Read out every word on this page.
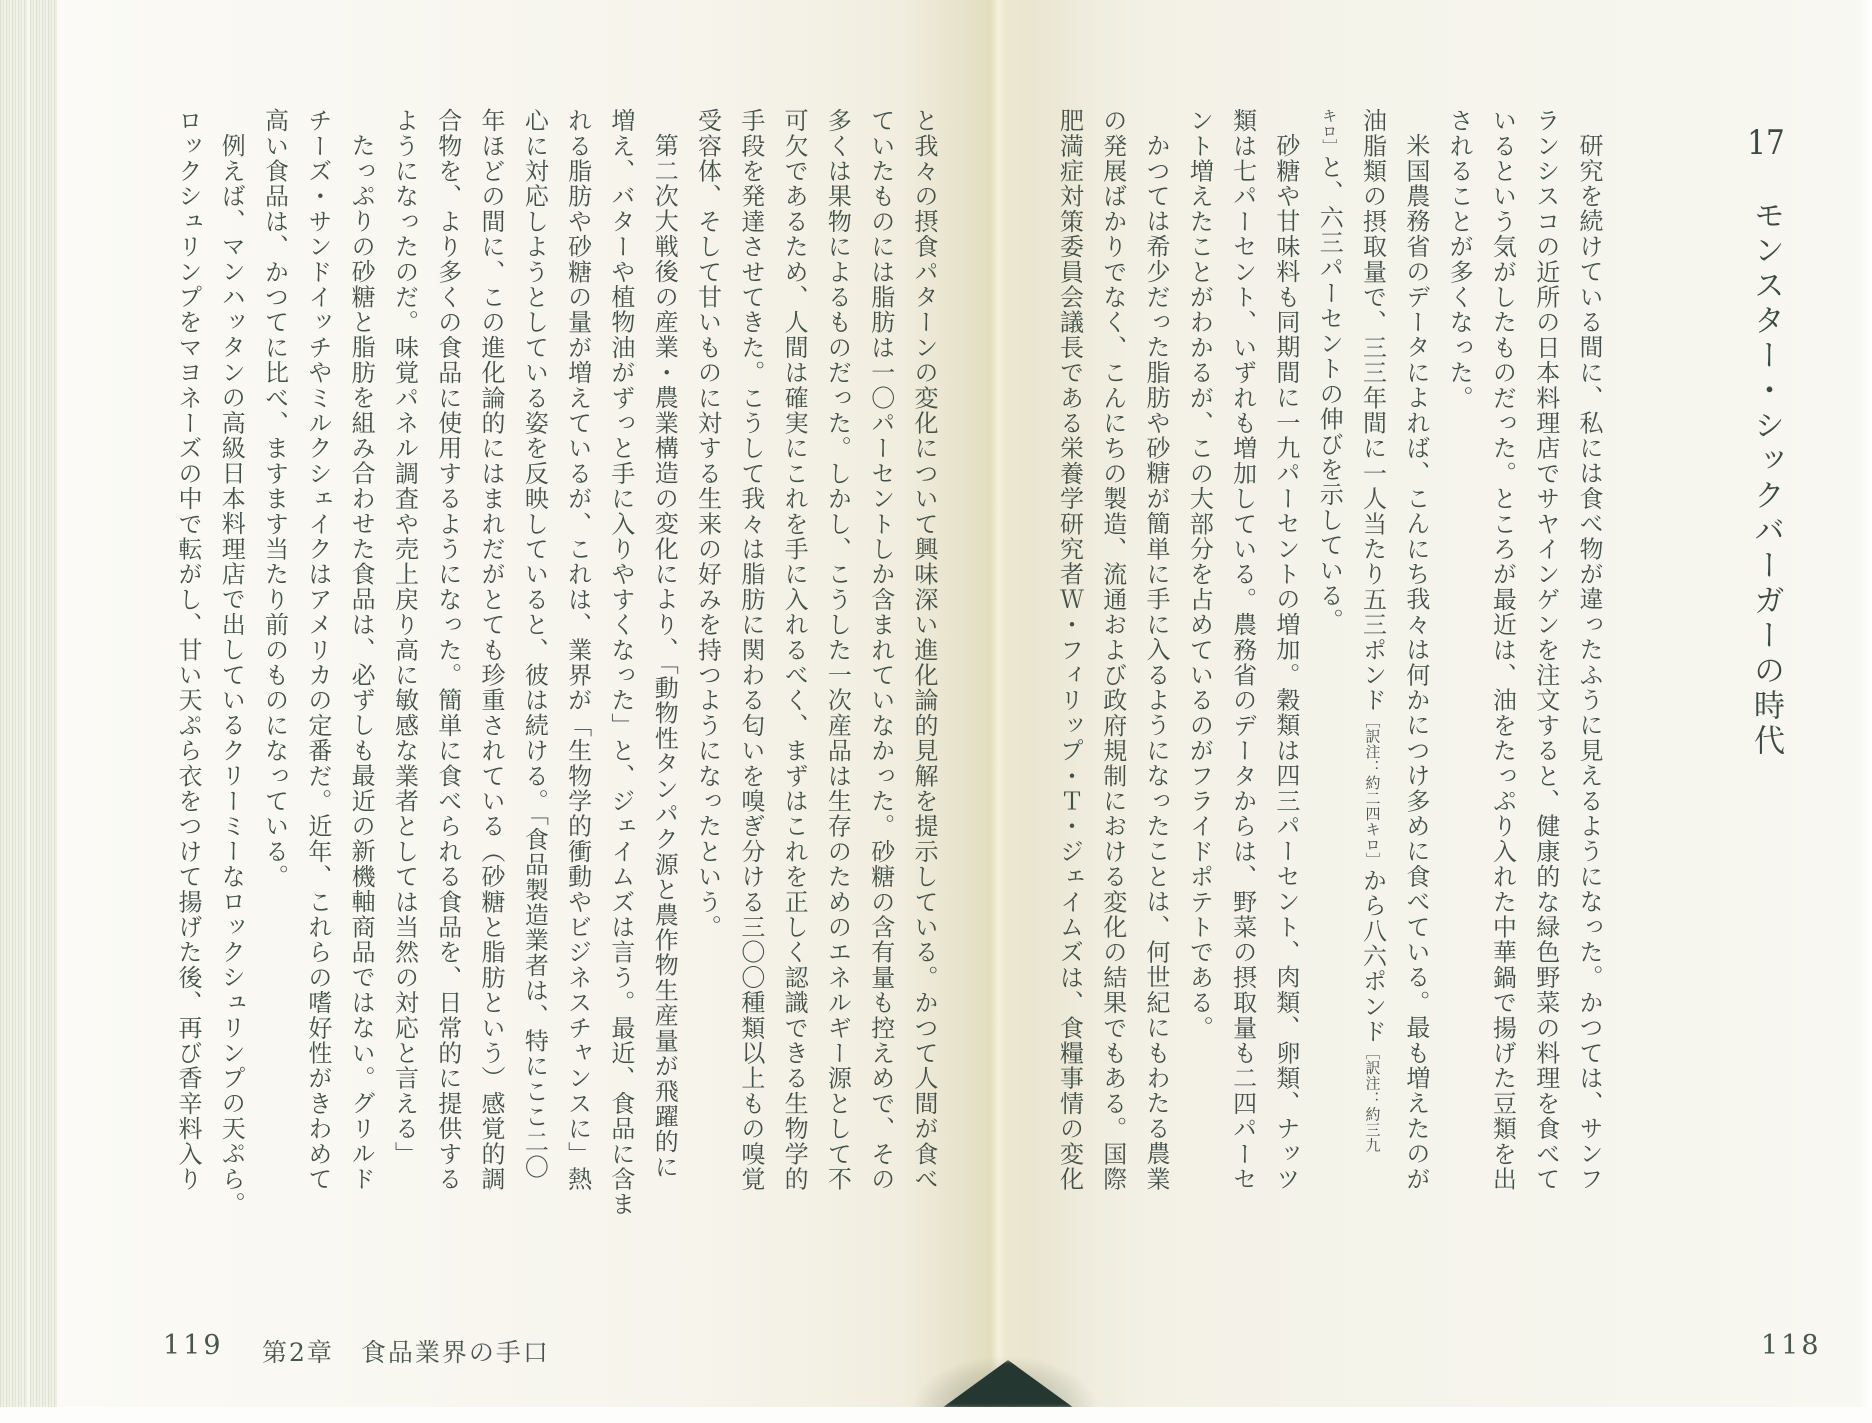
17 モンスター・シックバーガーの時代
研究を続けている間に、私には食べ物が違ったふうに見えるようになった。かつては、サンフ
ランシスコの近所の日本料理店でサヤインゲンを注文すると、健康的な緑色野菜の料理を食べて
いるという気がしたものだった。ところが最近は、油をたっぷり入れた中華鍋で揚げた豆類を出
されることが多くなった。
米国農務省のデータによれば、こんにち我々は何かにつけ多めに食べている。最も増えたのが
油脂類の摂取量で、三三年間に一人当たり五三ポンド［訳注：約二四キロ］から八六ポンド［訳注：約三九
キロ］と、六三パーセントの伸びを示している。
砂糖や甘味料も同期間に一九パーセントの増加。穀類は四三パーセント、肉類、卵類、ナッツ
類は七パーセント、いずれも増加している。農務省のデータからは、野菜の摂取量も二四パーセ
ント増えたことがわかるが、この大部分を占めているのがフライドポテトである。
かつては希少だった脂肪や砂糖が簡単に手に入るようになったことは、何世紀にもわたる農業
の発展ばかりでなく、こんにちの製造、流通および政府規制における変化の結果でもある。国際
肥満症対策委員会議長である栄養学研究者Ｗ・フィリップ・Ｔ・ジェイムズは、食糧事情の変化
と我々の摂食パターンの変化について興味深い進化論的見解を提示している。かつて人間が食べ
ていたものには脂肪は一〇パーセントしか含まれていなかった。砂糖の含有量も控えめで、その
多くは果物によるものだった。しかし、こうした一次産品は生存のためのエネルギー源として不
可欠であるため、人間は確実にこれを手に入れるべく、まずはこれを正しく認識できる生物学的
手段を発達させてきた。こうして我々は脂肪に関わる匂いを嗅ぎ分ける三〇〇種類以上もの嗅覚
受容体、そして甘いものに対する生来の好みを持つようになったという。
第二次大戦後の産業・農業構造の変化により、「動物性タンパク源と農作物生産量が飛躍的に
増え、バターや植物油がずっと手に入りやすくなった」と、ジェイムズは言う。最近、食品に含ま
れる脂肪や砂糖の量が増えているが、これは、業界が「生物学的衝動やビジネスチャンスに」熱
心に対応しようとしている姿を反映していると、彼は続ける。「食品製造業者は、特にここ二〇
年ほどの間に、この進化論的にはまれだがとても珍重されている（砂糖と脂肪という）感覚的調
合物を、より多くの食品に使用するようになった。簡単に食べられる食品を、日常的に提供する
ようになったのだ。味覚パネル調査や売上戻り高に敏感な業者としては当然の対応と言える」
たっぷりの砂糖と脂肪を組み合わせた食品は、必ずしも最近の新機軸商品ではない。グリルド
チーズ・サンドイッチやミルクシェイクはアメリカの定番だ。近年、これらの嗜好性がきわめて
高い食品は、かつてに比べ、ますます当たり前のものになっている。
例えば、マンハッタンの高級日本料理店で出しているクリーミーなロックシュリンプの天ぷら。
ロックシュリンプをマヨネーズの中で転がし、甘い天ぷら衣をつけて揚げた後、再び香辛料入り
119 第2章　食品業界の手口	118
